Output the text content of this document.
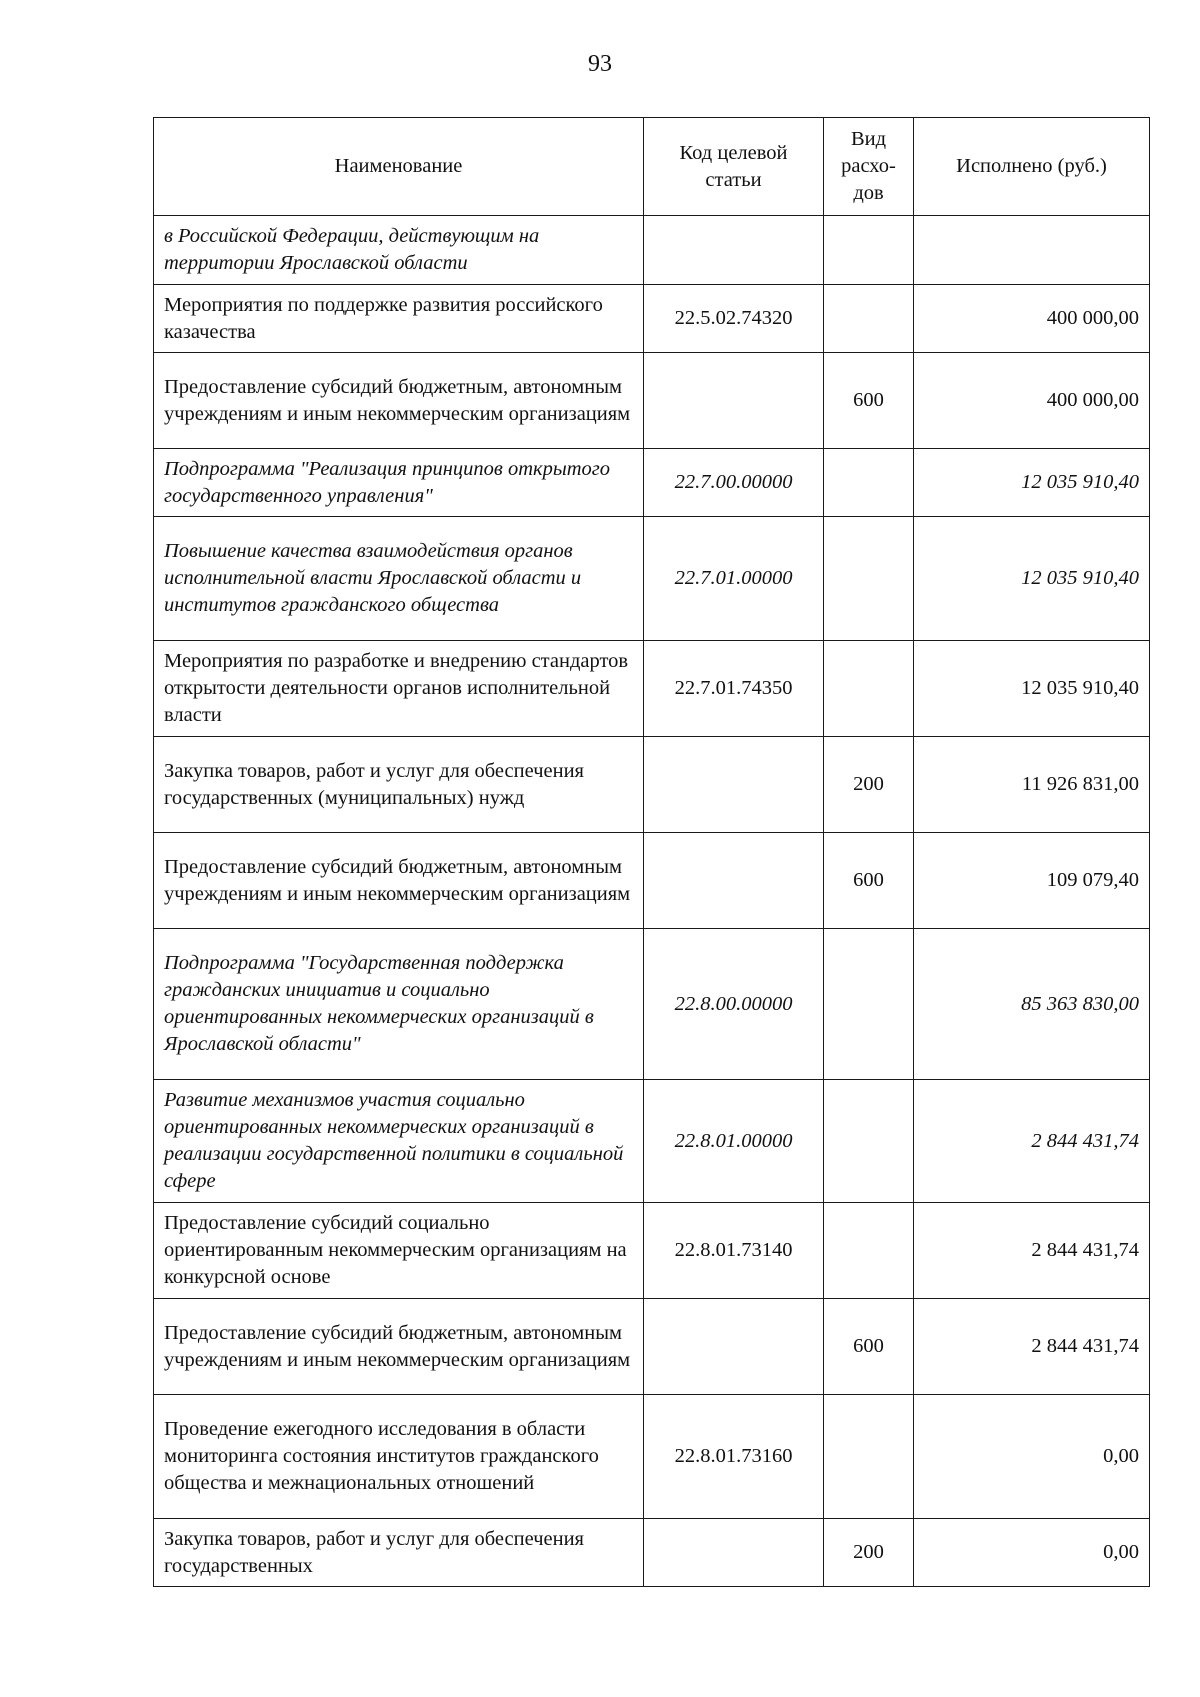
93
Наименование	Код целевой статьи	Вид расхо-дов	Исполнено (руб.)
в Российской Федерации, действующим на территории Ярославской области			
Мероприятия по поддержке развития российского казачества	22.5.02.74320		400 000,00
Предоставление субсидий бюджетным, автономным учреждениям и иным некоммерческим организациям		600	400 000,00
Подпрограмма "Реализация принципов открытого государственного управления"	22.7.00.00000		12 035 910,40
Повышение качества взаимодействия органов исполнительной власти Ярославской области и институтов гражданского общества	22.7.01.00000		12 035 910,40
Мероприятия по разработке и внедрению стандартов открытости деятельности органов исполнительной власти	22.7.01.74350		12 035 910,40
Закупка товаров, работ и услуг для обеспечения государственных (муниципальных) нужд		200	11 926 831,00
Предоставление субсидий бюджетным, автономным учреждениям и иным некоммерческим организациям		600	109 079,40
Подпрограмма "Государственная поддержка гражданских инициатив и социально ориентированных некоммерческих организаций в Ярославской области"	22.8.00.00000		85 363 830,00
Развитие механизмов участия социально ориентированных некоммерческих организаций в реализации государственной политики в социальной сфере	22.8.01.00000		2 844 431,74
Предоставление субсидий социально ориентированным некоммерческим организациям на конкурсной основе	22.8.01.73140		2 844 431,74
Предоставление субсидий бюджетным, автономным учреждениям и иным некоммерческим организациям		600	2 844 431,74
Проведение ежегодного исследования в области мониторинга состояния институтов гражданского общества и межнациональных отношений	22.8.01.73160		0,00
Закупка товаров, работ и услуг для обеспечения государственных		200	0,00
